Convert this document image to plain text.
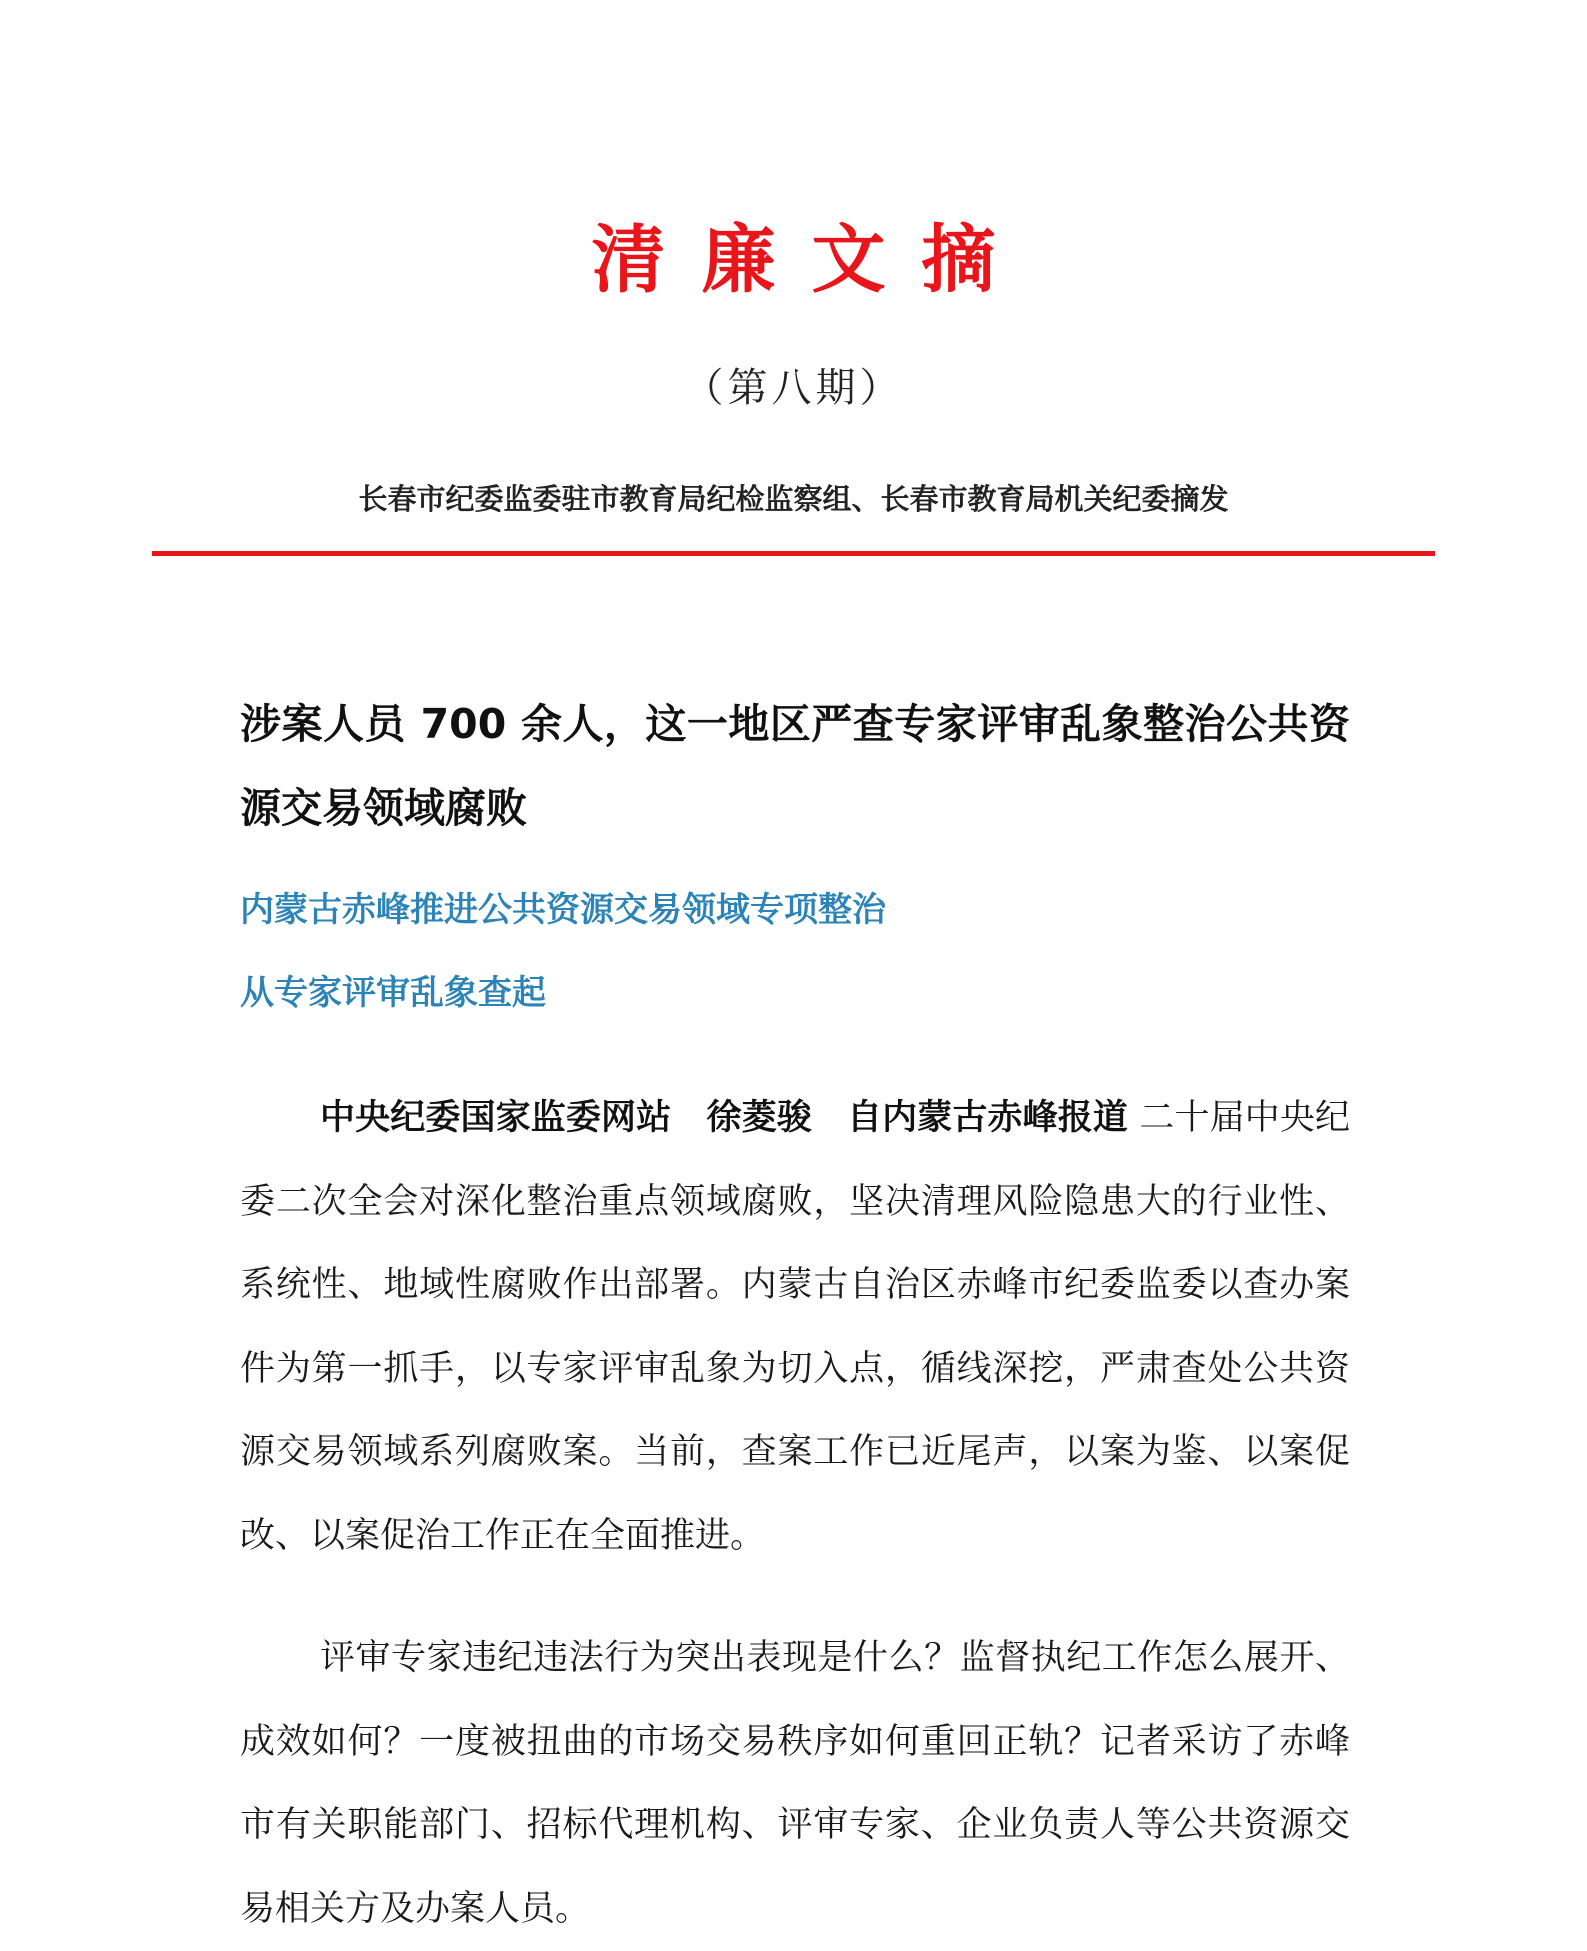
清廉文摘
（第八期）
长春市纪委监委驻市教育局纪检监察组、长春市教育局机关纪委摘发
涉案人员 700 余人，这一地区严查专家评审乱象整治公共资源交易领域腐败
内蒙古赤峰推进公共资源交易领域专项整治
从专家评审乱象查起

中央纪委国家监委网站　徐菱骏　自内蒙古赤峰报道 二十届中央纪委二次全会对深化整治重点领域腐败，坚决清理风险隐患大的行业性、系统性、地域性腐败作出部署。内蒙古自治区赤峰市纪委监委以查办案件为第一抓手，以专家评审乱象为切入点，循线深挖，严肃查处公共资源交易领域系列腐败案。当前，查案工作已近尾声，以案为鉴、以案促改、以案促治工作正在全面推进。

评审专家违纪违法行为突出表现是什么？监督执纪工作怎么展开、成效如何？一度被扭曲的市场交易秩序如何重回正轨？记者采访了赤峰市有关职能部门、招标代理机构、评审专家、企业负责人等公共资源交易相关方及办案人员。
